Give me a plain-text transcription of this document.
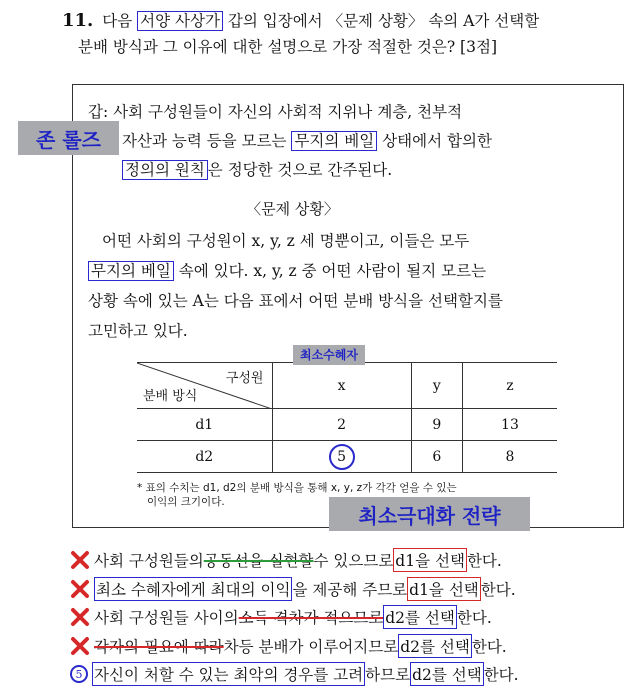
11. 다음 서양 사상가 갑의 입장에서 〈문제 상황〉 속의 A가 선택할
분배 방식과 그 이유에 대한 설명으로 가장 적절한 것은? [3점]
갑: 사회 구성원들이 자신의 사회적 지위나 계층, 천부적
자산과 능력 등을 모르는 무지의 베일 상태에서 합의한
정의의 원칙 은 정당한 것으로 간주된다.
존 롤즈
〈문제 상황〉
어떤 사회의 구성원이 x, y, z 세 명뿐이고, 이들은 모두
무지의 베일 속에 있다. x, y, z 중 어떤 사람이 될지 모르는
상황 속에 있는 A는 다음 표에서 어떤 분배 방식을 선택할지를
고민하고 있다.
구성원
분배 방식	x	y	z
d1	2	9	13
d2	5	6	8
최소수혜자
* 표의 수치는 d1, d2의 분배 방식을 통해 x, y, z가 각각 얻을 수 있는
이익의 크기이다.
최소극대화 전략
사회 구성원들의 공동선을 실현할 수 있으므로 d1을 선택 한다.
최소 수혜자에게 최대의 이익 을 제공해 주므로 d1을 선택 한다.
사회 구성원들 사이의 소득 격차가 적으므로 d2를 선택 한다.
각자의 필요에 따라 차등 분배가 이루어지므로 d2를 선택 한다.
5 자신이 처할 수 있는 최악의 경우를 고려 하므로 d2를 선택 한다.
